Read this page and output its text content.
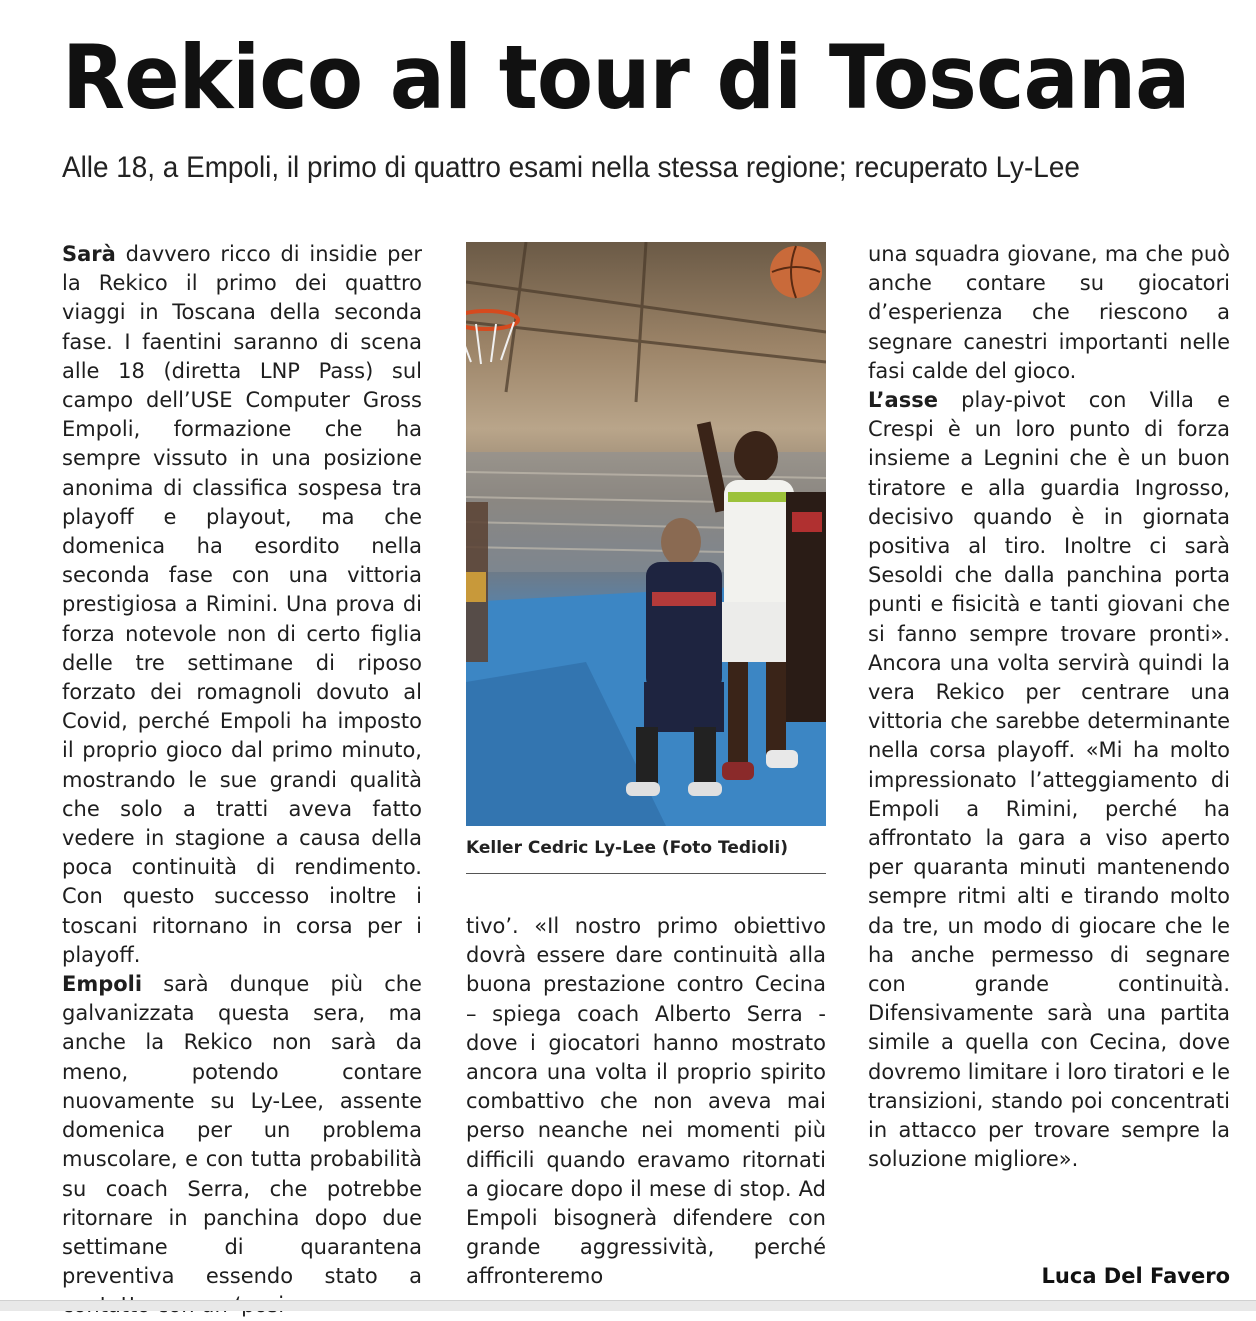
Rekico al tour di Toscana
Alle 18, a Empoli, il primo di quattro esami nella stessa regione; recuperato Ly-Lee

Sarà davvero ricco di insidie per la Rekico il primo dei quattro viaggi in Toscana della seconda fase. I faentini saranno di scena alle 18 (diretta LNP Pass) sul campo dell’USE Computer Gross Empoli, formazione che ha sempre vissuto in una posizione anonima di classifica sospesa tra playoff e playout, ma che domenica ha esordito nella seconda fase con una vittoria prestigiosa a Rimini. Una prova di forza notevole non di certo figlia delle tre settimane di riposo forzato dei romagnoli dovuto al Covid, perché Empoli ha imposto il proprio gioco dal primo minuto, mostrando le sue grandi qualità che solo a tratti aveva fatto vedere in stagione a causa della poca continuità di rendimento. Con questo successo inoltre i toscani ritornano in corsa per i playoff.

Empoli sarà dunque più che galvanizzata questa sera, ma anche la Rekico non sarà da meno, potendo contare nuovamente su Ly-Lee, assente domenica per un problema muscolare, e con tutta probabilità su coach Serra, che potrebbe ritornare in panchina dopo due settimane di quarantena preventiva essendo stato a

Keller Cedric Ly-Lee (Foto Tedioli)

tivo’. «Il nostro primo obiettivo dovrà essere dare continuità alla buona prestazione contro Cecina – spiega coach Alberto Serra - dove i giocatori hanno mostrato ancora una volta il proprio spirito combattivo che non aveva mai perso neanche nei momenti più difficili quando eravamo ritornati a giocare dopo il mese di stop. Ad Empoli bisognerà difendere con grande aggressività, perché affronteremo

una squadra giovane, ma che può anche contare su giocatori d’esperienza che riescono a segnare canestri importanti nelle fasi calde del gioco.

L’asse play-pivot con Villa e Crespi è un loro punto di forza insieme a Legnini che è un buon tiratore e alla guardia Ingrosso, decisivo quando è in giornata positiva al tiro. Inoltre ci sarà Sesoldi che dalla panchina porta punti e fisicità e tanti giovani che si fanno sempre trovare pronti». Ancora una volta servirà quindi la vera Rekico per centrare una vittoria che sarebbe determinante nella corsa playoff. «Mi ha molto impressionato l’atteggiamento di Empoli a Rimini, perché ha affrontato la gara a viso aperto per quaranta minuti mantenendo sempre ritmi alti e tirando molto da tre, un modo di giocare che le ha anche permesso di segnare con grande continuità. Difensivamente sarà una partita simile a quella con Cecina, dove dovremo limitare i loro tiratori e le transizioni, stando poi concentrati in attacco per trovare sempre la soluzione migliore».

Luca Del Favero
